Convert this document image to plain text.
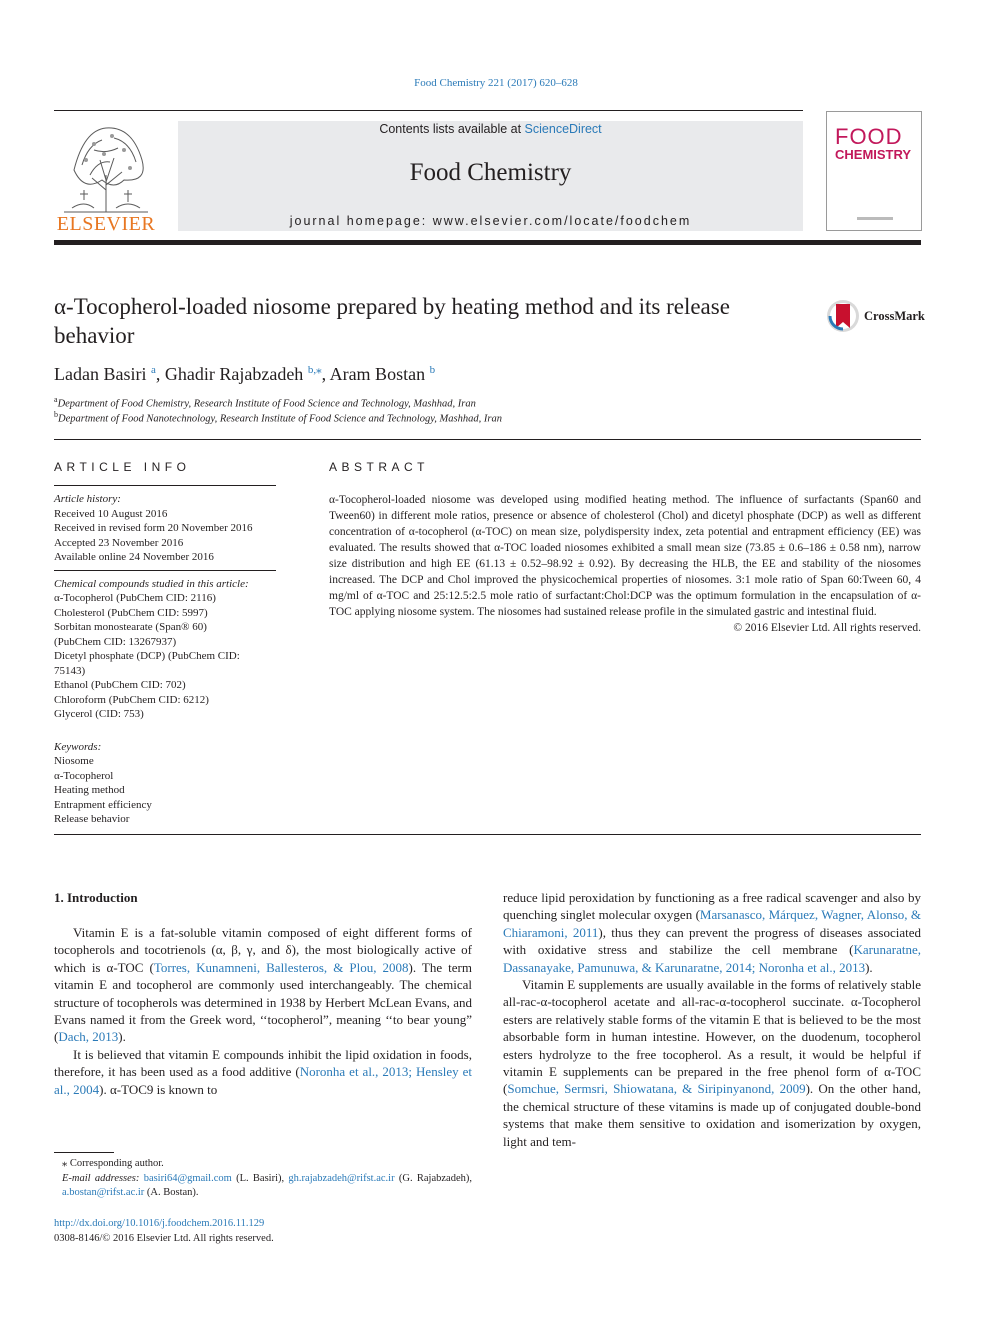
Food Chemistry 221 (2017) 620–628
ELSEVIER
Contents lists available at ScienceDirect
Food Chemistry
journal homepage: www.elsevier.com/locate/foodchem
FOOD
CHEMISTRY
α-Tocopherol-loaded niosome prepared by heating method and its release behavior
CrossMark
Ladan Basiri $^a$, Ghadir Rajabzadeh $^{b,⁎}$, Aram Bostan $^b$
$^a$Department of Food Chemistry, Research Institute of Food Science and Technology, Mashhad, Iran
$^b$Department of Food Nanotechnology, Research Institute of Food Science and Technology, Mashhad, Iran
ARTICLE INFO
Article history:
Received 10 August 2016
Received in revised form 20 November 2016
Accepted 23 November 2016
Available online 24 November 2016
Chemical compounds studied in this article:
α-Tocopherol (PubChem CID: 2116)
Cholesterol (PubChem CID: 5997)
Sorbitan monostearate (Span® 60)
(PubChem CID: 13267937)
Dicetyl phosphate (DCP) (PubChem CID:
75143)
Ethanol (PubChem CID: 702)
Chloroform (PubChem CID: 6212)
Glycerol (CID: 753)
Keywords:
Niosome
α-Tocopherol
Heating method
Entrapment efficiency
Release behavior
ABSTRACT
α-Tocopherol-loaded niosome was developed using modified heating method. The influence of surfactants (Span60 and Tween60) in different mole ratios, presence or absence of cholesterol (Chol) and dicetyl phosphate (DCP) as well as different concentration of α-tocopherol (α-TOC) on mean size, polydispersity index, zeta potential and entrapment efficiency (EE) was evaluated. The results showed that α-TOC loaded niosomes exhibited a small mean size (73.85 ± 0.6–186 ± 0.58 nm), narrow size distribution and high EE (61.13 ± 0.52–98.92 ± 0.92). By decreasing the HLB, the EE and stability of the niosomes increased. The DCP and Chol improved the physicochemical properties of niosomes. 3:1 mole ratio of Span 60:Tween 60, 4 mg/ml of α-TOC and 25:12.5:2.5 mole ratio of surfactant:Chol:DCP was the optimum formulation in the encapsulation of α-TOC applying niosome system. The niosomes had sustained release profile in the simulated gastric and intestinal fluid.
© 2016 Elsevier Ltd. All rights reserved.
1. Introduction

Vitamin E is a fat-soluble vitamin composed of eight different forms of tocopherols and tocotrienols (α, β, γ, and δ), the most biologically active of which is α-TOC (Torres, Kunamneni, Ballesteros, & Plou, 2008). The term vitamin E and tocopherol are commonly used interchangeably. The chemical structure of tocopherols was determined in 1938 by Herbert McLean Evans, and Evans named it from the Greek word, ‘‘tocopherol”, meaning ‘‘to bear young” (Dach, 2013).

It is believed that vitamin E compounds inhibit the lipid oxidation in foods, therefore, it has been used as a food additive (Noronha et al., 2013; Hensley et al., 2004). α-TOC9 is known to

reduce lipid peroxidation by functioning as a free radical scavenger and also by quenching singlet molecular oxygen (Marsanasco, Márquez, Wagner, Alonso, & Chiaramoni, 2011), thus they can prevent the progress of diseases associated with oxidative stress and stabilize the cell membrane (Karunaratne, Dassanayake, Pamunuwa, & Karunaratne, 2014; Noronha et al., 2013).

Vitamin E supplements are usually available in the forms of relatively stable all-rac-α-tocopherol acetate and all-rac-α-tocopherol succinate. α-Tocopherol esters are relatively stable forms of the vitamin E that is believed to be the most absorbable form in human intestine. However, on the duodenum, tocopherol esters hydrolyze to the free tocopherol. As a result, it would be helpful if vitamin E supplements can be prepared in the free phenol form of α-TOC (Somchue, Sermsri, Shiowatana, & Siripinyanond, 2009). On the other hand, the chemical structure of these vitamins is made up of conjugated double-bond systems that make them sensitive to oxidation and isomerization by oxygen, light and tem-

⁎ Corresponding author.
E-mail addresses: basiri64@gmail.com (L. Basiri), gh.rajabzadeh@rifst.ac.ir (G. Rajabzadeh), a.bostan@rifst.ac.ir (A. Bostan).
http://dx.doi.org/10.1016/j.foodchem.2016.11.129
0308-8146/© 2016 Elsevier Ltd. All rights reserved.
